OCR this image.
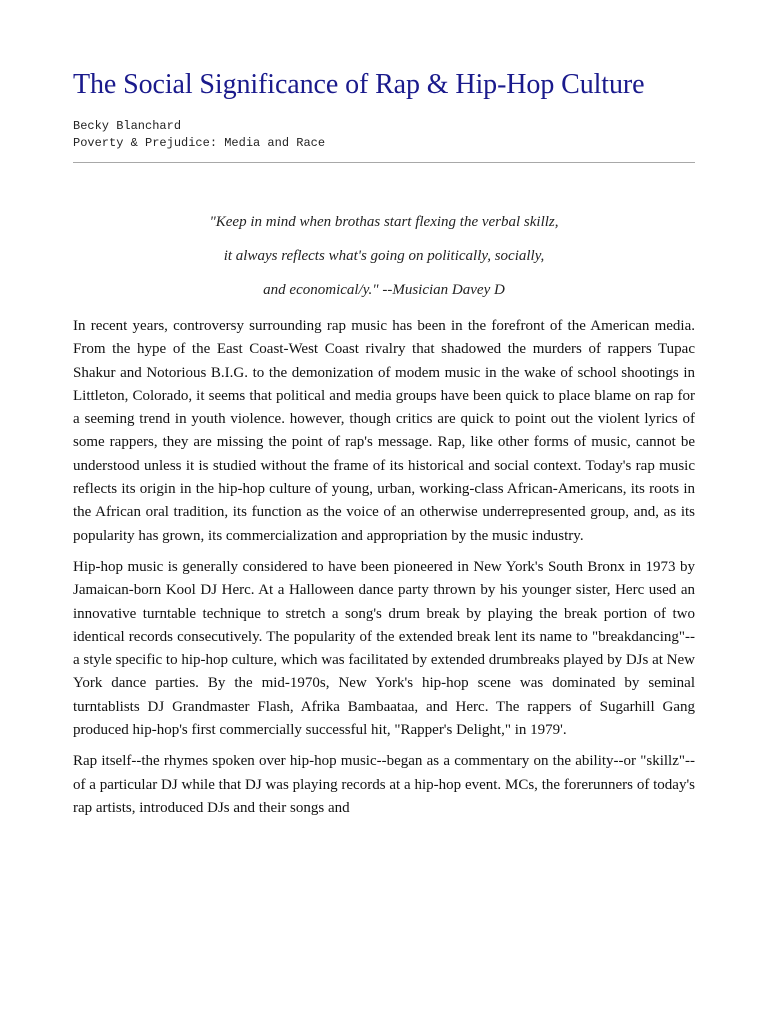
The Social Significance of Rap & Hip-Hop Culture
Becky Blanchard
Poverty & Prejudice: Media and Race
"Keep in mind when brothas start flexing the verbal skillz,
it always reflects what's going on politically, socially,
and economical/y." --Musician Davey D

In recent years, controversy surrounding rap music has been in the forefront of the American media. From the hype of the East Coast-West Coast rivalry that shadowed the murders of rappers Tupac Shakur and Notorious B.I.G. to the demonization of modem music in the wake of school shootings in Littleton, Colorado, it seems that political and media groups have been quick to place blame on rap for a seeming trend in youth violence. however, though critics are quick to point out the violent lyrics of some rappers, they are missing the point of rap's message. Rap, like other forms of music, cannot be understood unless it is studied without the frame of its historical and social context. Today's rap music reflects its origin in the hip-hop culture of young, urban, working-class African-Americans, its roots in the African oral tradition, its function as the voice of an otherwise underrepresented group, and, as its popularity has grown, its commercialization and appropriation by the music industry.

Hip-hop music is generally considered to have been pioneered in New York's South Bronx in 1973 by Jamaican-born Kool DJ Herc. At a Halloween dance party thrown by his younger sister, Herc used an innovative turntable technique to stretch a song's drum break by playing the break portion of two identical records consecutively. The popularity of the extended break lent its name to "breakdancing"--a style specific to hip-hop culture, which was facilitated by extended drumbreaks played by DJs at New York dance parties. By the mid-1970s, New York's hip-hop scene was dominated by seminal turntablists DJ Grandmaster Flash, Afrika Bambaataa, and Herc. The rappers of Sugarhill Gang produced hip-hop's first commercially successful hit, "Rapper's Delight," in 1979'.

Rap itself--the rhymes spoken over hip-hop music--began as a commentary on the ability--or "skillz"--of a particular DJ while that DJ was playing records at a hip-hop event. MCs, the forerunners of today's rap artists, introduced DJs and their songs and
